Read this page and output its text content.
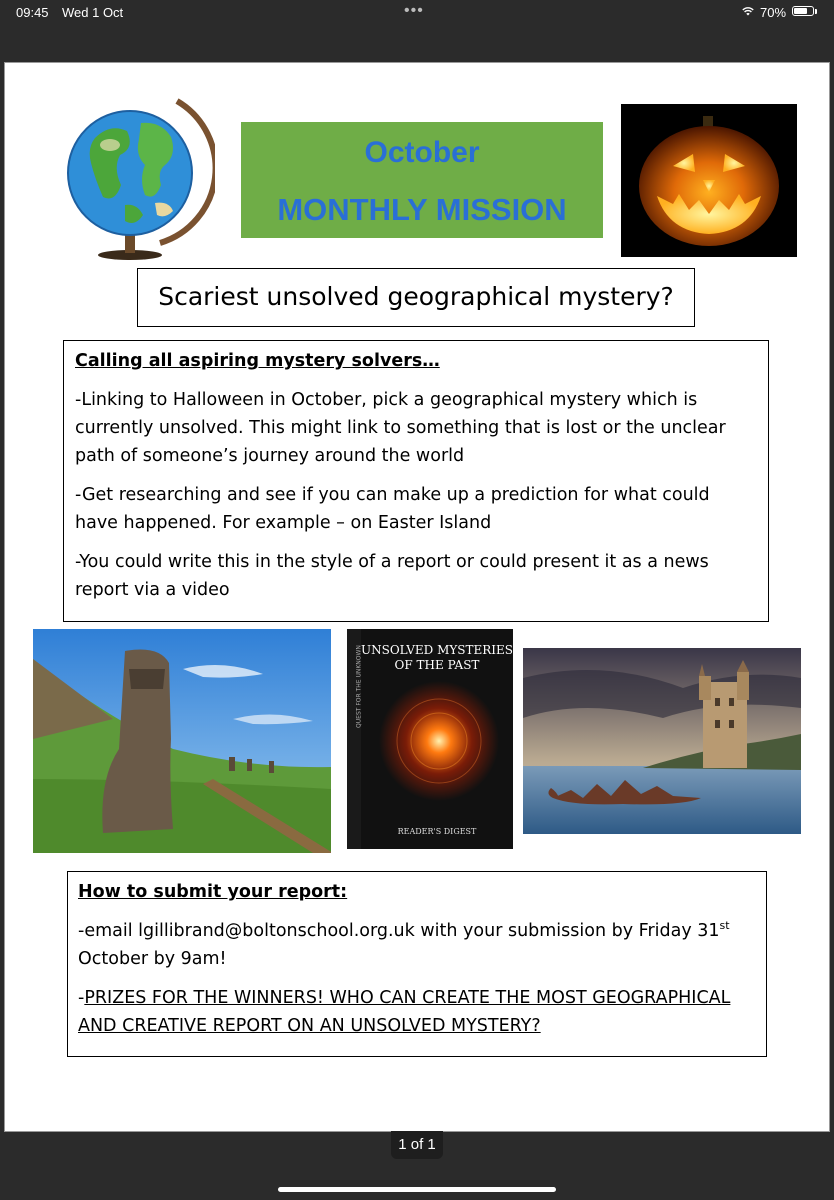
09:45 Wed 1 Oct	•••	70%
October
MONTHLY MISSION
Scariest unsolved geographical mystery?

Calling all aspiring mystery solvers…

-Linking to Halloween in October, pick a geographical mystery which is currently unsolved. This might link to something that is lost or the unclear path of someone’s journey around the world

-Get researching and see if you can make up a prediction for what could have happened. For example – on Easter Island

-You could write this in the style of a report or could present it as a news report via a video

UNSOLVED MYSTERIES
OF THE PAST
QUEST FOR THE UNKNOWN
READER'S DIGEST

How to submit your report:

-email lgillibrand@boltonschool.org.uk with your submission by Friday 31st October by 9am!

-PRIZES FOR THE WINNERS! WHO CAN CREATE THE MOST GEOGRAPHICAL AND CREATIVE REPORT ON AN UNSOLVED MYSTERY?

1 of 1
